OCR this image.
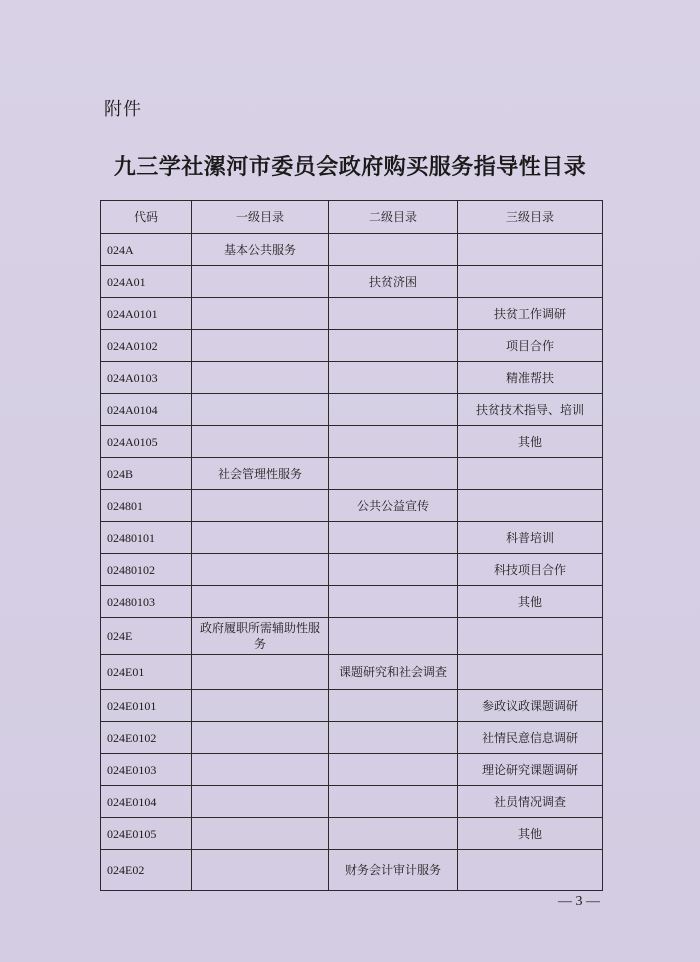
附件
九三学社漯河市委员会政府购买服务指导性目录
代码	一级目录	二级目录	三级目录
024A	基本公共服务		
024A01		扶贫济困	
024A0101			扶贫工作调研
024A0102			项目合作
024A0103			精准帮扶
024A0104			扶贫技术指导、培训
024A0105			其他
024B	社会管理性服务		
024801		公共公益宣传	
02480101			科普培训
02480102			科技项目合作
02480103			其他
024E	政府履职所需辅助性服务		
024E01		课题研究和社会调查	
024E0101			参政议政课题调研
024E0102			社情民意信息调研
024E0103			理论研究课题调研
024E0104			社员情况调查
024E0105			其他
024E02		财务会计审计服务	
— 3 —
